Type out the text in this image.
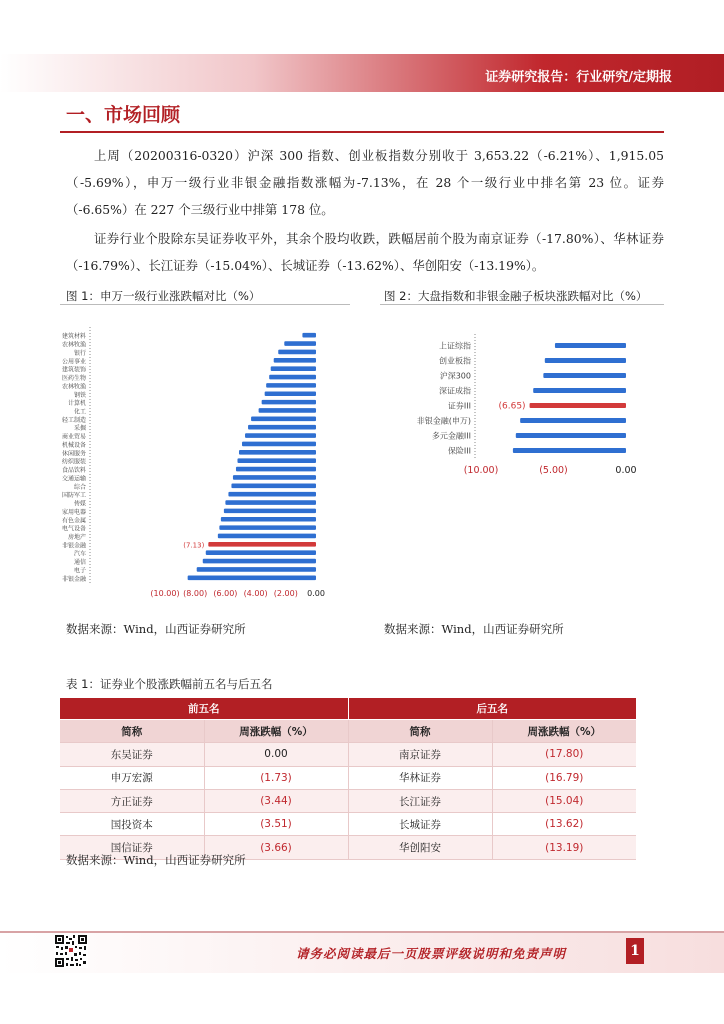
证券研究报告：行业研究/定期报
一、市场回顾
上周（20200316-0320）沪深 300 指数、创业板指数分别收于 3,653.22（-6.21%）、1,915.05（-5.69%），申万一级行业非银金融指数涨幅为-7.13%，在 28 个一级行业中排名第 23 位。证券（-6.65%）在 227 个三级行业中排第 178 位。
证券行业个股除东吴证券收平外，其余个股均收跌，跌幅居前个股为南京证券（-17.80%）、华林证券（-16.79%）、长江证券（-15.04%）、长城证券（-13.62%）、华创阳安（-13.19%）。
图 1：申万一级行业涨跌幅对比（%）	图 2：大盘指数和非银金融子板块涨跌幅对比（%）
建筑材料
农林牧渔
银行
公用事业
建筑装饰
医药生物
农林牧渔
钢铁
计算机
化工
轻工制造
采掘
商业贸易
机械设备
休闲服务
纺织服装
食品饮料
交通运输
综合
国防军工
传媒
家用电器
有色金属
电气设备
房地产
非银金融	(7.13)
汽车
通信
电子
非银金融
(10.00) (8.00) (6.00) (4.00) (2.00) 0.00
上证综指
创业板指
沪深300
深证成指
证券III	(6.65)
非银金融(申万)
多元金融III
保险III
(10.00)	(5.00)	0.00
数据来源：Wind，山西证券研究所	数据来源：Wind，山西证券研究所
表 1：证券业个股涨跌幅前五名与后五名
前五名		后五名	
简称	周涨跌幅（%）	简称	周涨跌幅（%）
东吴证券	0.00	南京证券	(17.80)
申万宏源	(1.73)	华林证券	(16.79)
方正证券	(3.44)	长江证券	(15.04)
国投资本	(3.51)	长城证券	(13.62)
国信证券	(3.66)	华创阳安	(13.19)
数据来源：Wind，山西证券研究所
请务必阅读最后一页股票评级说明和免责声明	1
